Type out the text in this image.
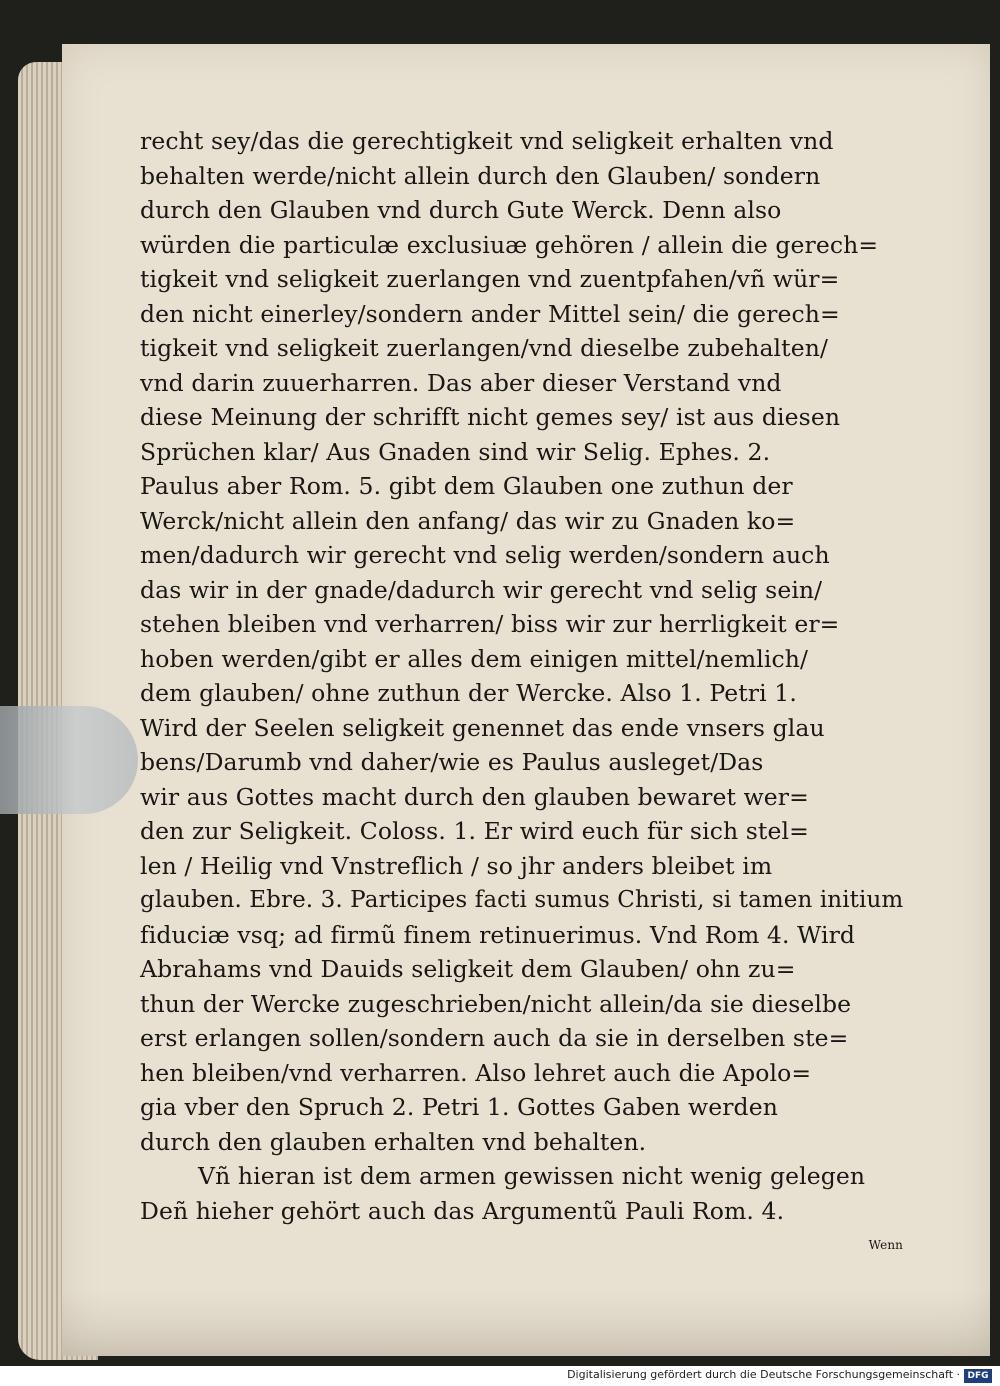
recht sey/das die gerechtigkeit vnd seligkeit erhalten vnd
behalten werde/nicht allein durch den Glauben/ sondern
durch den Glauben vnd durch Gute Werck. Denn also
würden die particulæ exclusiuæ gehören / allein die gerech=
tigkeit vnd seligkeit zuerlangen vnd zuentpfahen/vñ wür=
den nicht einerley/sondern ander Mittel sein/ die gerech=
tigkeit vnd seligkeit zuerlangen/vnd dieselbe zubehalten/
vnd darin zuuerharren. Das aber dieser Verstand vnd
diese Meinung der schrifft nicht gemes sey/ ist aus diesen
Sprüchen klar/ Aus Gnaden sind wir Selig. Ephes. 2.
Paulus aber Rom. 5. gibt dem Glauben one zuthun der
Werck/nicht allein den anfang/ das wir zu Gnaden ko=
men/dadurch wir gerecht vnd selig werden/sondern auch
das wir in der gnade/dadurch wir gerecht vnd selig sein/
stehen bleiben vnd verharren/ biss wir zur herrligkeit er=
hoben werden/gibt er alles dem einigen mittel/nemlich/
dem glauben/ ohne zuthun der Wercke. Also 1. Petri 1.
Wird der Seelen seligkeit genennet das ende vnsers glau
bens/Darumb vnd daher/wie es Paulus ausleget/Das
wir aus Gottes macht durch den glauben bewaret wer=
den zur Seligkeit. Coloss. 1. Er wird euch für sich stel=
len / Heilig vnd Vnstreflich / so jhr anders bleibet im
glauben. Ebre. 3. Participes facti sumus Christi, si tamen initium
fiduciæ vsq; ad firmũ finem retinuerimus. Vnd Rom 4. Wird
Abrahams vnd Dauids seligkeit dem Glauben/ ohn zu=
thun der Wercke zugeschrieben/nicht allein/da sie dieselbe
erst erlangen sollen/sondern auch da sie in derselben ste=
hen bleiben/vnd verharren. Also lehret auch die Apolo=
gia vber den Spruch 2. Petri 1. Gottes Gaben werden
durch den glauben erhalten vnd behalten.
Vñ hieran ist dem armen gewissen nicht wenig gelegen
Deñ hieher gehört auch das Argumentũ Pauli Rom. 4.
Wenn
Digitalisierung gefördert durch die Deutsche Forschungsgemeinschaft · DFG
